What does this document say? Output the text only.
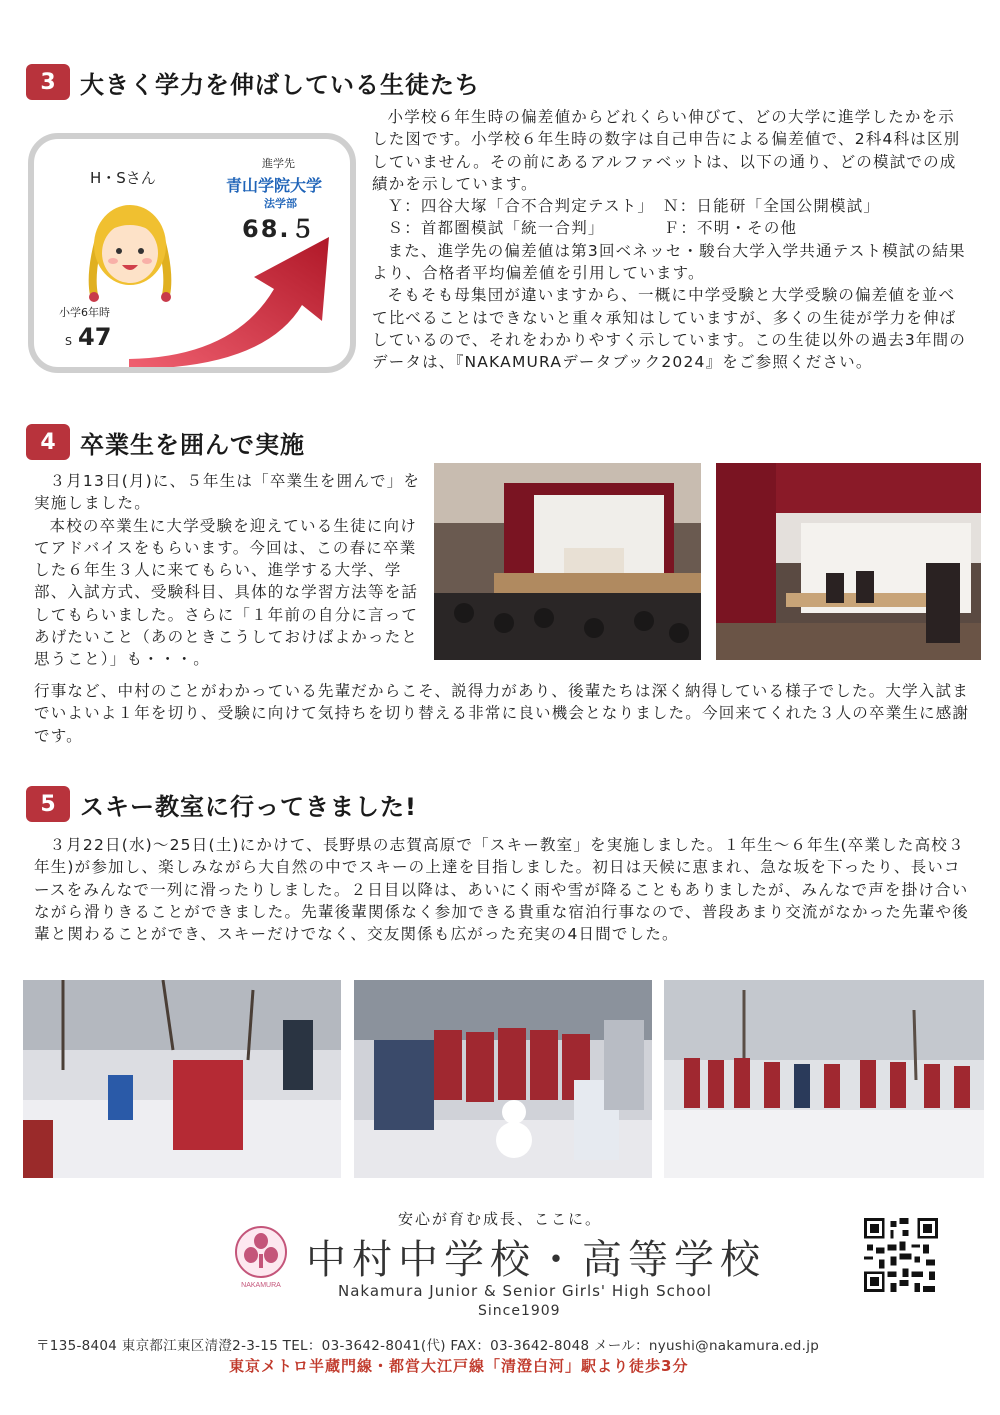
3	大きく学力を伸ばしている生徒たち
H・Sさん
進学先
青山学院大学
法学部
68.５
小学6年時
S 47

小学校６年生時の偏差値からどれくらい伸びて、どの大学に進学したかを示した図です。小学校６年生時の数字は自己申告による偏差値で、2科4科は区別していません。その前にあるアルファベットは、以下の通り、どの模試での成績かを示しています。

Ｙ：四谷大塚「合不合判定テスト」　Ｎ：日能研「全国公開模試」

Ｓ：首都圏模試「統一合判」　　　　Ｆ：不明・その他

また、進学先の偏差値は第3回ベネッセ・駿台大学入学共通テスト模試の結果より、合格者平均偏差値を引用しています。

そもそも母集団が違いますから、一概に中学受験と大学受験の偏差値を並べて比べることはできないと重々承知はしていますが、多くの生徒が学力を伸ばしているので、それをわかりやすく示しています。この生徒以外の過去3年間のデータは、『NAKAMURAデータブック2024』をご参照ください。

4	卒業生を囲んで実施

３月13日(月)に、５年生は「卒業生を囲んで」を実施しました。

本校の卒業生に大学受験を迎えている生徒に向けてアドバイスをもらいます。今回は、この春に卒業した６年生３人に来てもらい、進学する大学、学部、入試方式、受験科目、具体的な学習方法等を話してもらいました。さらに「１年前の自分に言ってあげたいこと（あのときこうしておけばよかったと思うこと）」も・・・。

行事など、中村のことがわかっている先輩だからこそ、説得力があり、後輩たちは深く納得している様子でした。大学入試までいよいよ１年を切り、受験に向けて気持ちを切り替える非常に良い機会となりました。今回来てくれた３人の卒業生に感謝です。

5	スキー教室に行ってきました!

３月22日(水)～25日(土)にかけて、長野県の志賀高原で「スキー教室」を実施しました。１年生～６年生(卒業した高校３年生)が参加し、楽しみながら大自然の中でスキーの上達を目指しました。初日は天候に恵まれ、急な坂を下ったり、長いコースをみんなで一列に滑ったりしました。２日目以降は、あいにく雨や雪が降ることもありましたが、みんなで声を掛け合いながら滑りきることができました。先輩後輩関係なく参加できる貴重な宿泊行事なので、普段あまり交流がなかった先輩や後輩と関わることができ、スキーだけでなく、交友関係も広がった充実の4日間でした。

安心が育む成長、ここに。
NAKAMURA
中村中学校・高等学校
Nakamura Junior & Senior Girls' High School
Since1909
〒135-8404 東京都江東区清澄2-3-15 TEL：03-3642-8041(代) FAX：03-3642-8048 メール：nyushi@nakamura.ed.jp
東京メトロ半蔵門線・都営大江戸線「清澄白河」駅より徒歩3分
